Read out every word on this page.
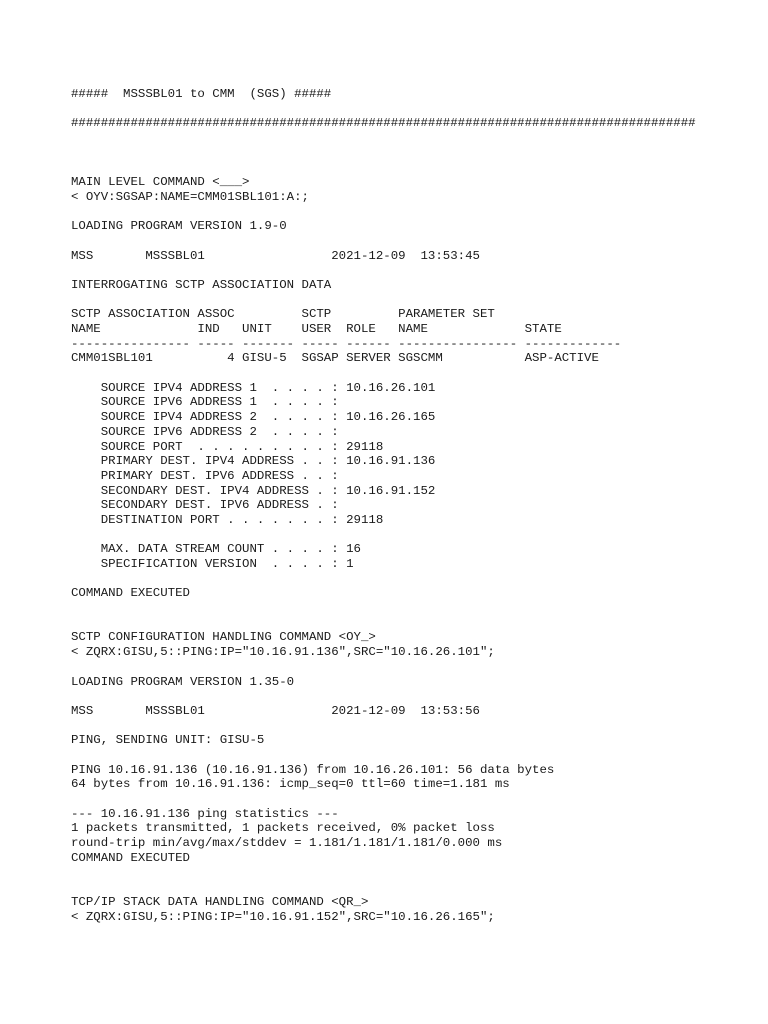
#####  MSSSBL01 to CMM  (SGS) #####
####################################################################################
MAIN LEVEL COMMAND <___>
< OYV:SGSAP:NAME=CMM01SBL101:A:;
LOADING PROGRAM VERSION 1.9-0
MSS       MSSSBL01                 2021-12-09  13:53:45
INTERROGATING SCTP ASSOCIATION DATA
SCTP ASSOCIATION ASSOC         SCTP         PARAMETER SET
NAME             IND   UNIT    USER  ROLE   NAME             STATE
---------------- ----- ------- ----- ------ ---------------- -------------
CMM01SBL101          4 GISU-5  SGSAP SERVER SGSCMM           ASP-ACTIVE
SOURCE IPV4 ADDRESS 1  . . . . : 10.16.26.101
SOURCE IPV6 ADDRESS 1  . . . . :
SOURCE IPV4 ADDRESS 2  . . . . : 10.16.26.165
SOURCE IPV6 ADDRESS 2  . . . . :
SOURCE PORT  . . . . . . . . . : 29118
PRIMARY DEST. IPV4 ADDRESS . . : 10.16.91.136
PRIMARY DEST. IPV6 ADDRESS . . :
SECONDARY DEST. IPV4 ADDRESS . : 10.16.91.152
SECONDARY DEST. IPV6 ADDRESS . :
DESTINATION PORT . . . . . . . : 29118
MAX. DATA STREAM COUNT . . . . : 16
SPECIFICATION VERSION  . . . . : 1
COMMAND EXECUTED
SCTP CONFIGURATION HANDLING COMMAND <OY_>
< ZQRX:GISU,5::PING:IP="10.16.91.136",SRC="10.16.26.101";
LOADING PROGRAM VERSION 1.35-0
MSS       MSSSBL01                 2021-12-09  13:53:56
PING, SENDING UNIT: GISU-5
PING 10.16.91.136 (10.16.91.136) from 10.16.26.101: 56 data bytes
64 bytes from 10.16.91.136: icmp_seq=0 ttl=60 time=1.181 ms
--- 10.16.91.136 ping statistics ---
1 packets transmitted, 1 packets received, 0% packet loss
round-trip min/avg/max/stddev = 1.181/1.181/1.181/0.000 ms
COMMAND EXECUTED
TCP/IP STACK DATA HANDLING COMMAND <QR_>
< ZQRX:GISU,5::PING:IP="10.16.91.152",SRC="10.16.26.165";
